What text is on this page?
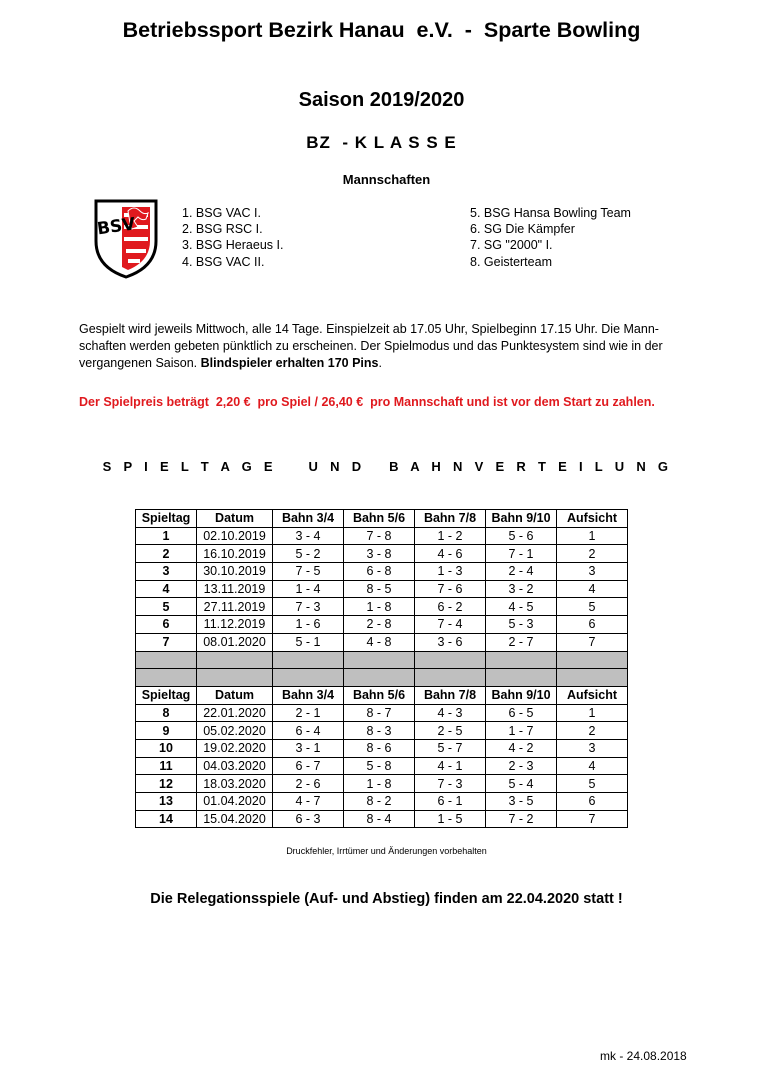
Betriebssport Bezirk Hanau  e.V.  -  Sparte Bowling
Saison 2019/2020
BZ  - K L A S S E
Mannschaften
BSV
1. BSG VAC I.
2. BSG RSC I.
3. BSG Heraeus I.
4. BSG VAC II.
5. BSG Hansa Bowling Team
6. SG Die Kämpfer
7. SG "2000" I.
8. Geisterteam
Gespielt wird jeweils Mittwoch, alle 14 Tage. Einspielzeit ab 17.05 Uhr, Spielbeginn 17.15 Uhr. Die Mann-
schaften werden gebeten pünktlich zu erscheinen. Der Spielmodus und das Punktesystem sind wie in der
vergangenen Saison. Blindspieler erhalten 170 Pins.
Der Spielpreis beträgt  2,20 €  pro Spiel / 26,40 €  pro Mannschaft und ist vor dem Start zu zahlen.
S P I E L T A G E    U N D   B A H N V E R T E I L U N G
Spieltag	Datum	Bahn 3/4	Bahn 5/6	Bahn 7/8	Bahn 9/10	Aufsicht
1	02.10.2019	3 - 4	7 - 8	1 - 2	5 - 6	1
2	16.10.2019	5 - 2	3 - 8	4 - 6	7 - 1	2
3	30.10.2019	7 - 5	6 - 8	1 - 3	2 - 4	3
4	13.11.2019	1 - 4	8 - 5	7 - 6	3 - 2	4
5	27.11.2019	7 - 3	1 - 8	6 - 2	4 - 5	5
6	11.12.2019	1 - 6	2 - 8	7 - 4	5 - 3	6
7	08.01.2020	5 - 1	4 - 8	3 - 6	2 - 7	7

Spieltag	Datum	Bahn 3/4	Bahn 5/6	Bahn 7/8	Bahn 9/10	Aufsicht
8	22.01.2020	2 - 1	8 - 7	4 - 3	6 - 5	1
9	05.02.2020	6 - 4	8 - 3	2 - 5	1 - 7	2
10	19.02.2020	3 - 1	8 - 6	5 - 7	4 - 2	3
11	04.03.2020	6 - 7	5 - 8	4 - 1	2 - 3	4
12	18.03.2020	2 - 6	1 - 8	7 - 3	5 - 4	5
13	01.04.2020	4 - 7	8 - 2	6 - 1	3 - 5	6
14	15.04.2020	6 - 3	8 - 4	1 - 5	7 - 2	7
Druckfehler, Irrtümer und Änderungen vorbehalten
Die Relegationsspiele (Auf- und Abstieg) finden am 22.04.2020 statt !
mk - 24.08.2018
